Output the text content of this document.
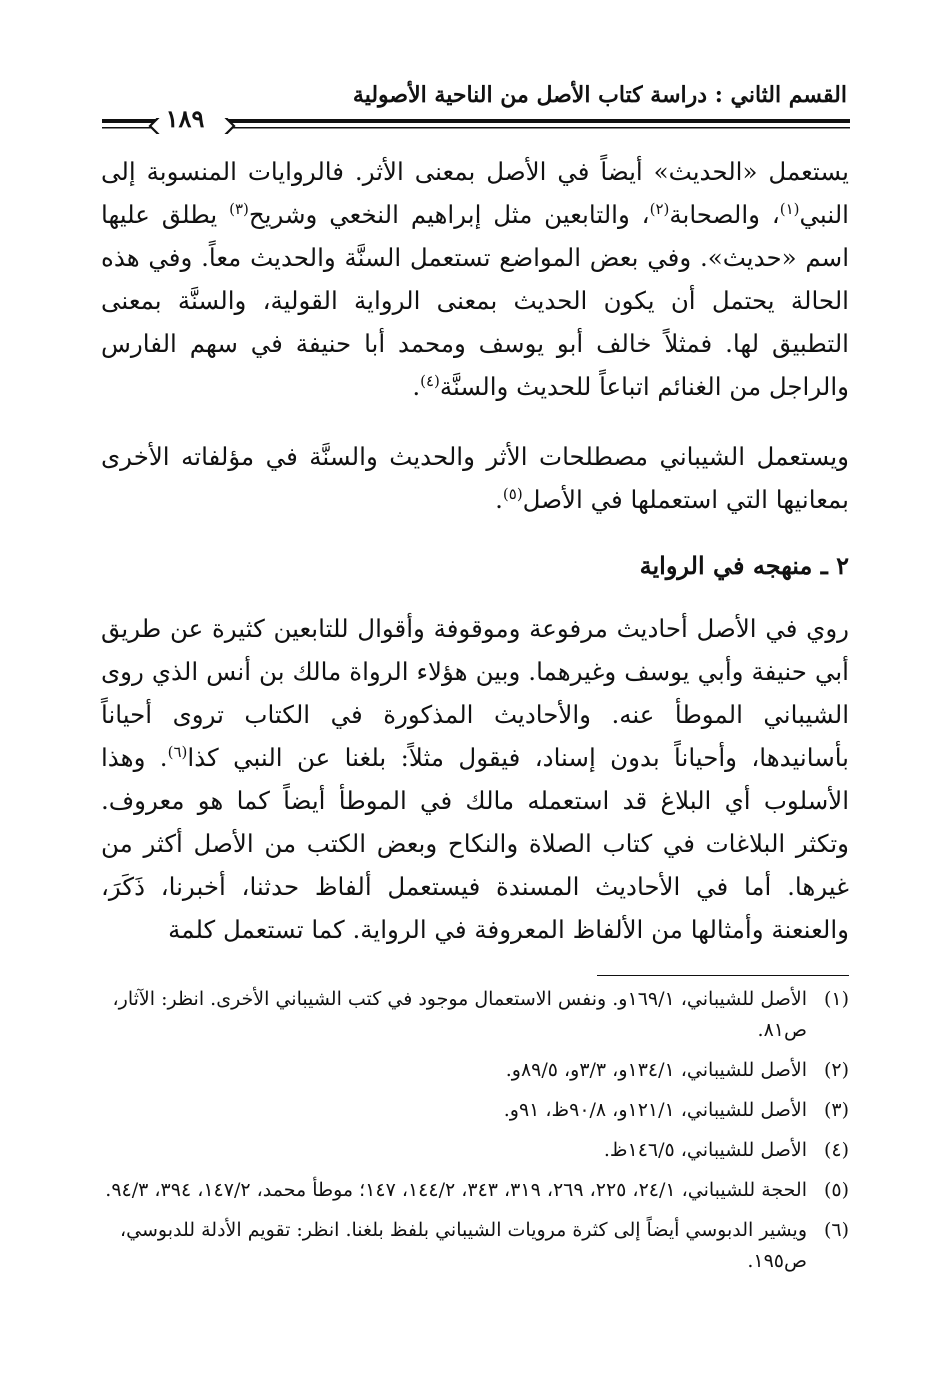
القسم الثاني : دراسة كتاب الأصل من الناحية الأصولية
١٨٩

يستعمل «الحديث» أيضاً في الأصل بمعنى الأثر. فالروايات المنسوبة إلى النبي$^{(١)}$، والصحابة$^{(٢)}$، والتابعين مثل إبراهيم النخعي وشريح$^{(٣)}$ يطلق عليها اسم «حديث». وفي بعض المواضع تستعمل السنَّة والحديث معاً. وفي هذه الحالة يحتمل أن يكون الحديث بمعنى الرواية القولية، والسنَّة بمعنى التطبيق لها. فمثلاً خالف أبو يوسف ومحمد أبا حنيفة في سهم الفارس والراجل من الغنائم اتباعاً للحديث والسنَّة$^{(٤)}$.

ويستعمل الشيباني مصطلحات الأثر والحديث والسنَّة في مؤلفاته الأخرى بمعانيها التي استعملها في الأصل$^{(٥)}$.

٢ ـ منهجه في الرواية

روي في الأصل أحاديث مرفوعة وموقوفة وأقوال للتابعين كثيرة عن طريق أبي حنيفة وأبي يوسف وغيرهما. وبين هؤلاء الرواة مالك بن أنس الذي روى الشيباني الموطأ عنه. والأحاديث المذكورة في الكتاب تروى أحياناً بأسانيدها، وأحياناً بدون إسناد، فيقول مثلاً: بلغنا عن النبي كذا$^{(٦)}$. وهذا الأسلوب أي البلاغ قد استعمله مالك في الموطأ أيضاً كما هو معروف. وتكثر البلاغات في كتاب الصلاة والنكاح وبعض الكتب من الأصل أكثر من غيرها. أما في الأحاديث المسندة فيستعمل ألفاظ حدثنا، أخبرنا، ذَكَرَ، والعنعنة وأمثالها من الألفاظ المعروفة في الرواية. كما تستعمل كلمة

(١)
الأصل للشيباني، ١٦٩/١و. ونفس الاستعمال موجود في كتب الشيباني الأخرى. انظر: الآثار، ص٨١.
(٢)
الأصل للشيباني، ١٣٤/١و، ٣/٣و، ٨٩/٥و.
(٣)
الأصل للشيباني، ١٢١/١و، ٩٠/٨ظ، ٩١و.
(٤)
الأصل للشيباني، ١٤٦/٥ظ.
(٥)
الحجة للشيباني، ٢٤/١، ٢٢٥، ٢٦٩، ٣١٩، ٣٤٣، ١٤٤/٢، ١٤٧؛ موطأ محمد، ١٤٧/٢، ٣٩٤، ٩٤/٣.
(٦)
ويشير الدبوسي أيضاً إلى كثرة مرويات الشيباني بلفظ بلغنا. انظر: تقويم الأدلة للدبوسي، ص١٩٥.
